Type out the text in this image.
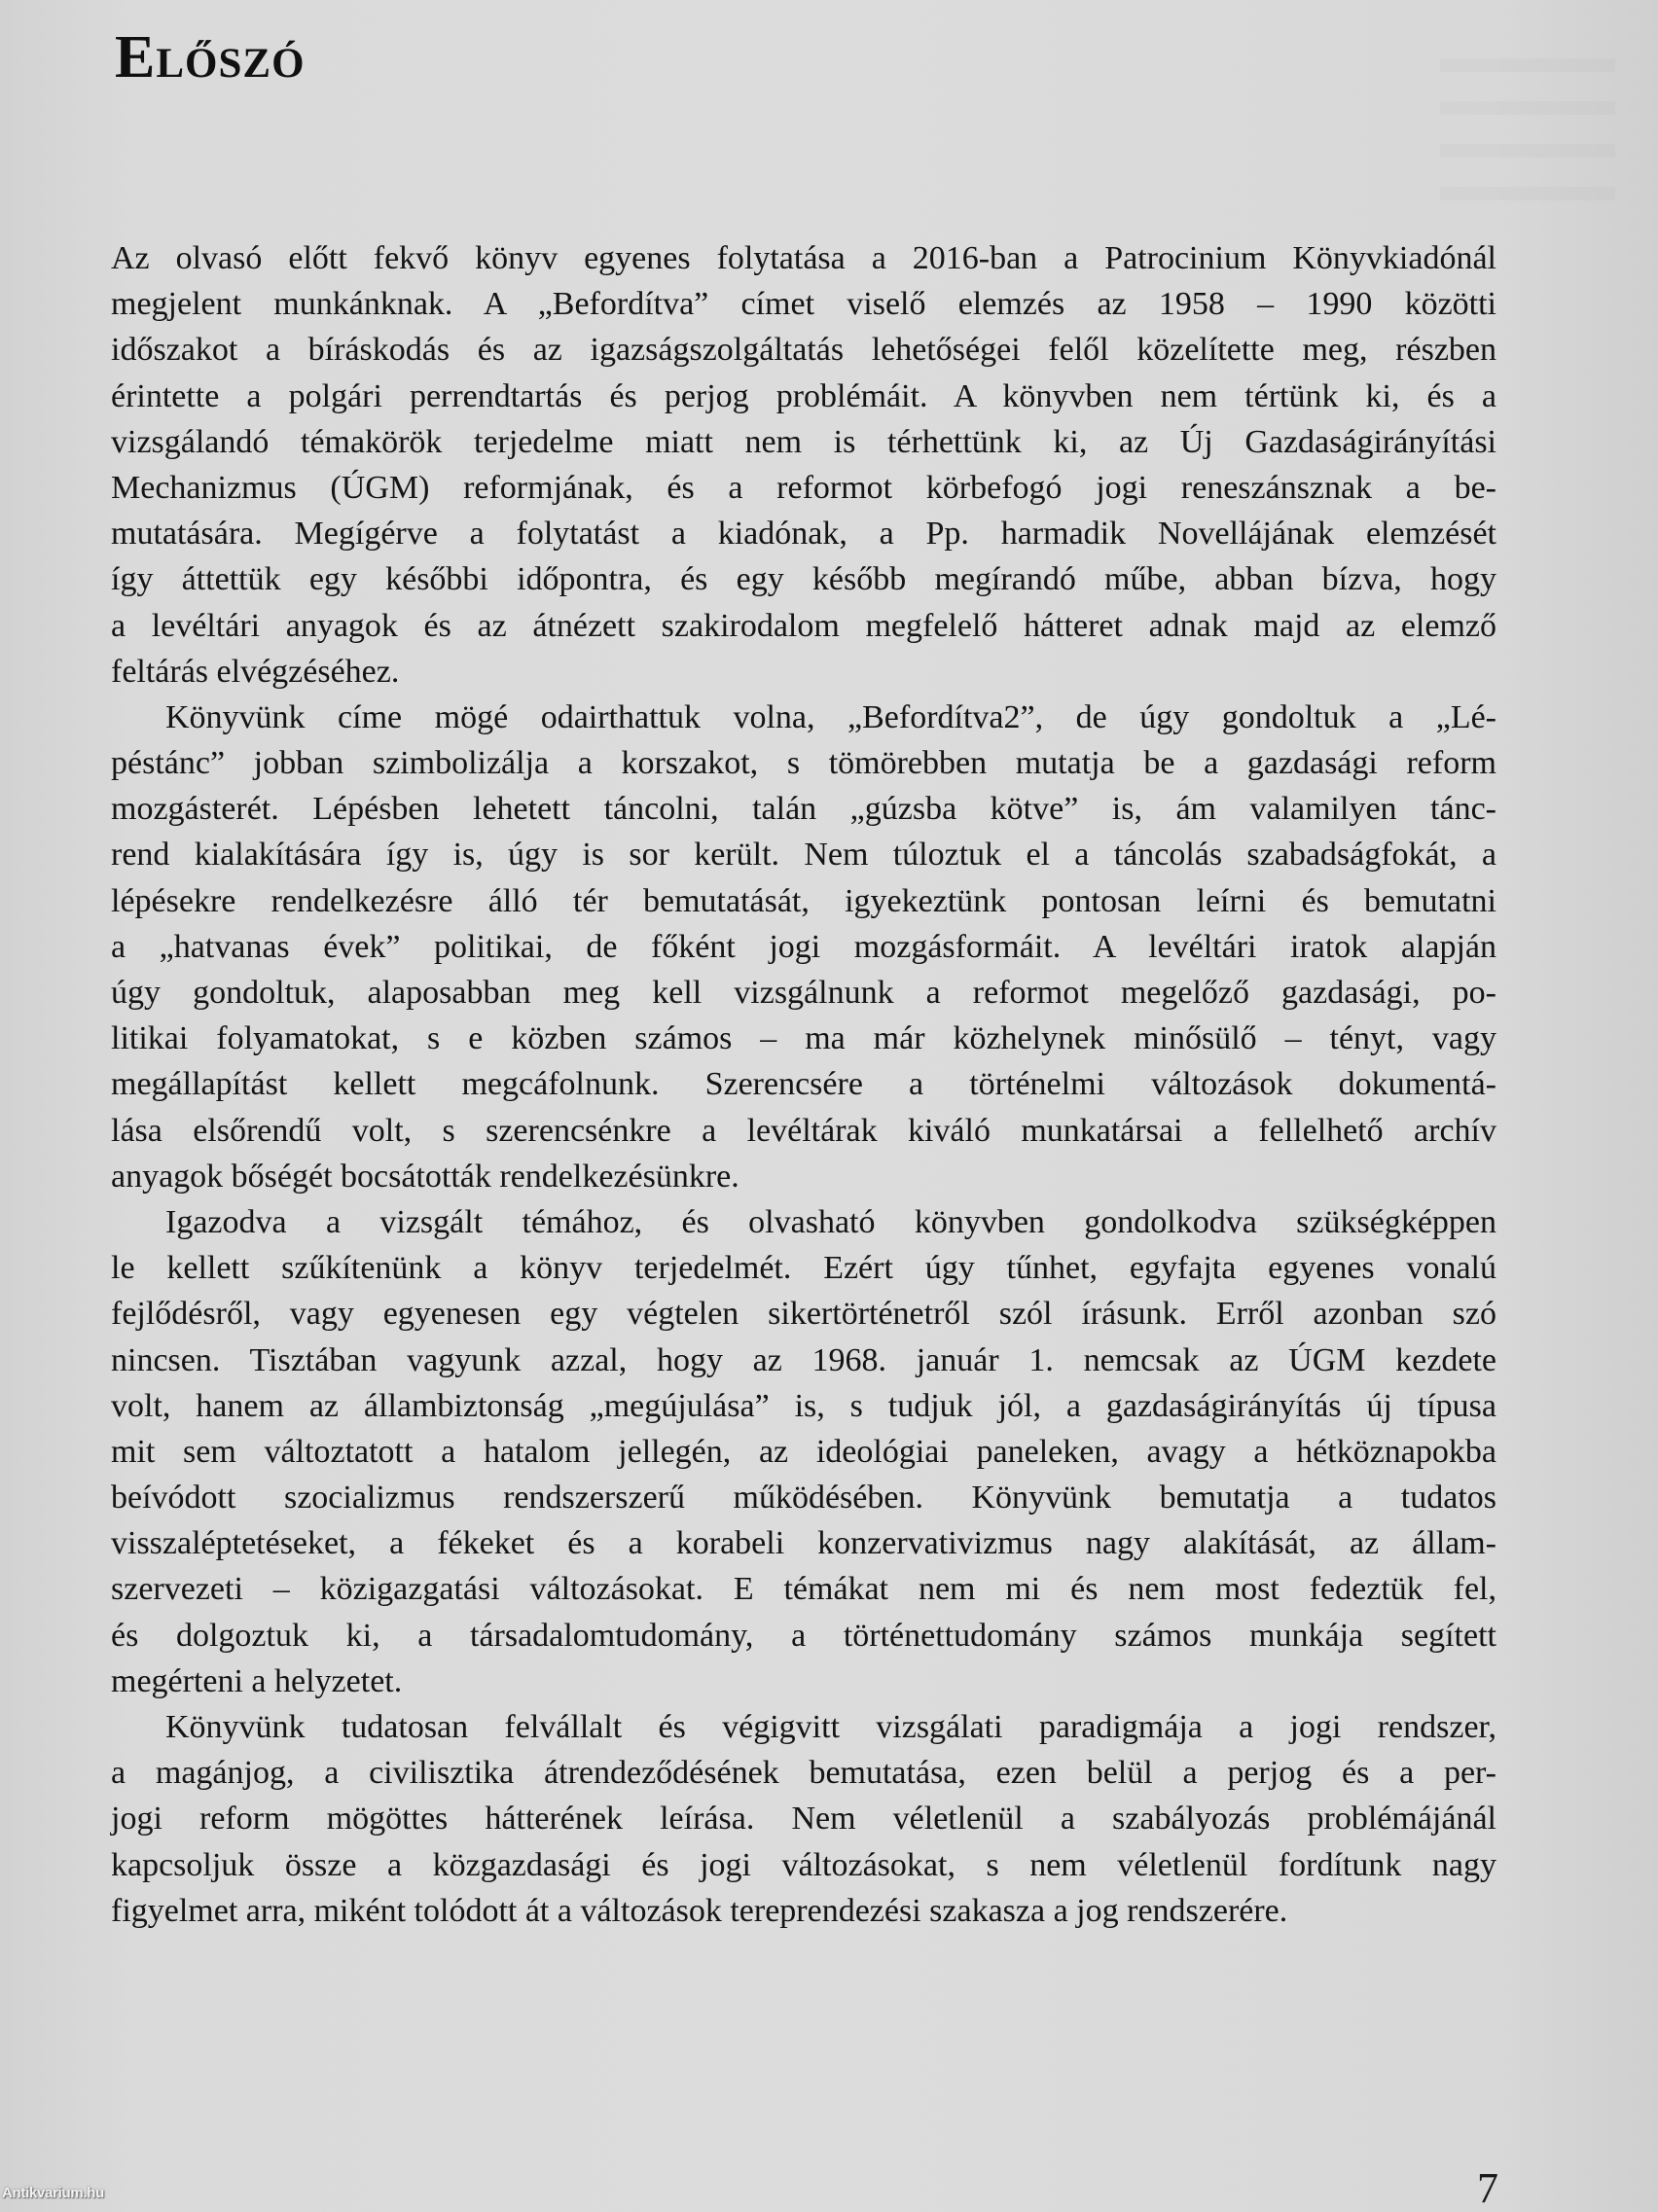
Előszó

Az olvasó előtt fekvő könyv egyenes folytatása a 2016-ban a Patrocinium Könyvkiadónál
megjelent munkánknak. A „Befordítva” címet viselő elemzés az 1958 – 1990 közötti
időszakot a bíráskodás és az igazságszolgáltatás lehetőségei felől közelítette meg, részben
érintette a polgári perrendtartás és perjog problémáit. A könyvben nem tértünk ki, és a
vizsgálandó témakörök terjedelme miatt nem is térhettünk ki, az Új Gazdaságirányítási
Mechanizmus (ÚGM) reformjának, és a reformot körbefogó jogi reneszánsznak a be-
mutatására. Megígérve a folytatást a kiadónak, a Pp. harmadik Novellájának elemzését
így áttettük egy későbbi időpontra, és egy később megírandó műbe, abban bízva, hogy
a levéltári anyagok és az átnézett szakirodalom megfelelő hátteret adnak majd az elemző
feltárás elvégzéséhez.

Könyvünk címe mögé odairthattuk volna, „Befordítva2”, de úgy gondoltuk a „Lé-
péstánc” jobban szimbolizálja a korszakot, s tömörebben mutatja be a gazdasági reform
mozgásterét. Lépésben lehetett táncolni, talán „gúzsba kötve” is, ám valamilyen tánc-
rend kialakítására így is, úgy is sor került. Nem túloztuk el a táncolás szabadságfokát, a
lépésekre rendelkezésre álló tér bemutatását, igyekeztünk pontosan leírni és bemutatni
a „hatvanas évek” politikai, de főként jogi mozgásformáit. A levéltári iratok alapján
úgy gondoltuk, alaposabban meg kell vizsgálnunk a reformot megelőző gazdasági, po-
litikai folyamatokat, s e közben számos – ma már közhelynek minősülő – tényt, vagy
megállapítást kellett megcáfolnunk. Szerencsére a történelmi változások dokumentá-
lása elsőrendű volt, s szerencsénkre a levéltárak kiváló munkatársai a fellelhető archív
anyagok bőségét bocsátották rendelkezésünkre.

Igazodva a vizsgált témához, és olvasható könyvben gondolkodva szükségképpen
le kellett szűkítenünk a könyv terjedelmét. Ezért úgy tűnhet, egyfajta egyenes vonalú
fejlődésről, vagy egyenesen egy végtelen sikertörténetről szól írásunk. Erről azonban szó
nincsen. Tisztában vagyunk azzal, hogy az 1968. január 1. nemcsak az ÚGM kezdete
volt, hanem az állambiztonság „megújulása” is, s tudjuk jól, a gazdaságirányítás új típusa
mit sem változtatott a hatalom jellegén, az ideológiai paneleken, avagy a hétköznapokba
beívódott szocializmus rendszerszerű működésében. Könyvünk bemutatja a tudatos
visszaléptetéseket, a fékeket és a korabeli konzervativizmus nagy alakítását, az állam-
szervezeti – közigazgatási változásokat. E témákat nem mi és nem most fedeztük fel,
és dolgoztuk ki, a társadalomtudomány, a történettudomány számos munkája segített
megérteni a helyzetet.

Könyvünk tudatosan felvállalt és végigvitt vizsgálati paradigmája a jogi rendszer,
a magánjog, a civilisztika átrendeződésének bemutatása, ezen belül a perjog és a per-
jogi reform mögöttes hátterének leírása. Nem véletlenül a szabályozás problémájánál
kapcsoljuk össze a közgazdasági és jogi változásokat, s nem véletlenül fordítunk nagy
figyelmet arra, miként tolódott át a változások tereprendezési szakasza a jog rendszerére.

7
Antikvarium.hu
